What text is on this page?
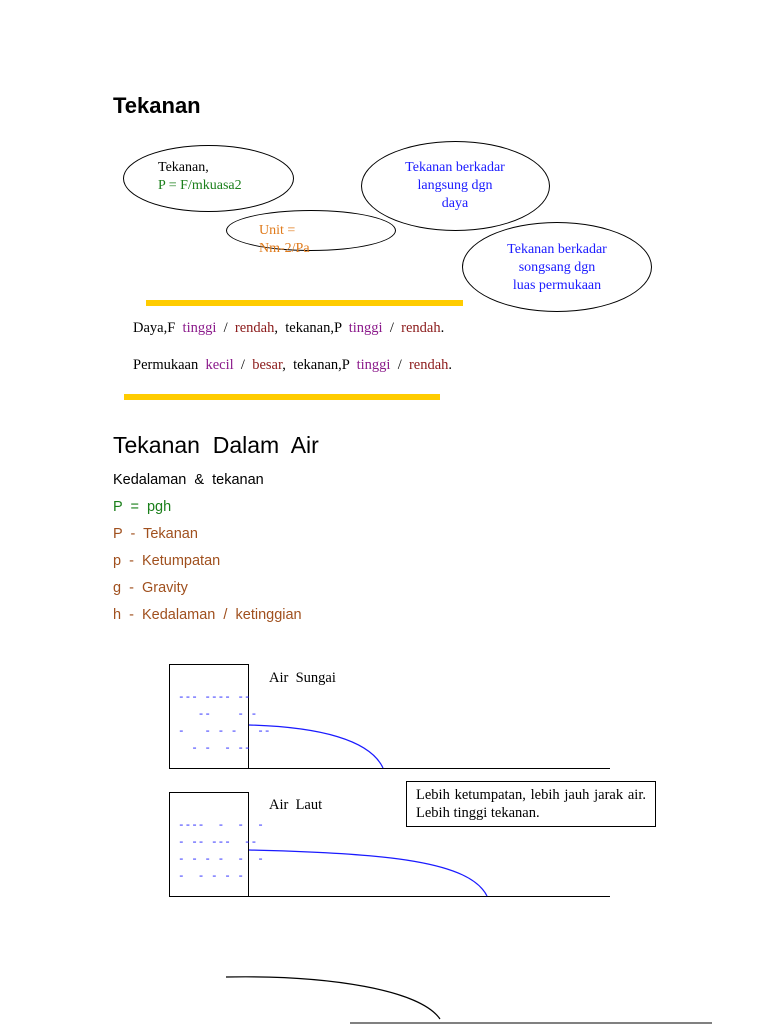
Tekanan
Tekanan,
P = F/mkuasa2
Unit =
Nm-2/Pa
Tekanan berkadar
langsung dgn
daya
Tekanan berkadar
songsang dgn
luas permukaan
Daya,F tinggi / rendah,  tekanan,P tinggi / rendah.
Permukaan kecil / besar,  tekanan,P tinggi / rendah.
Tekanan  Dalam  Air
Kedalaman  &  tekanan
P  =  pgh
P  -  Tekanan
p  -  Ketumpatan
g  -  Gravity
h  -  Kedalaman  /  ketinggian
--- ---- --
--    - -
-   - - -   --
- -  - --
Air  Sungai
----  -  -  -
- -- ---  --
- - - -  -  -
-  - - - -
Air  Laut
Lebih ketumpatan, lebih jauh jarak air. Lebih tinggi tekanan.
